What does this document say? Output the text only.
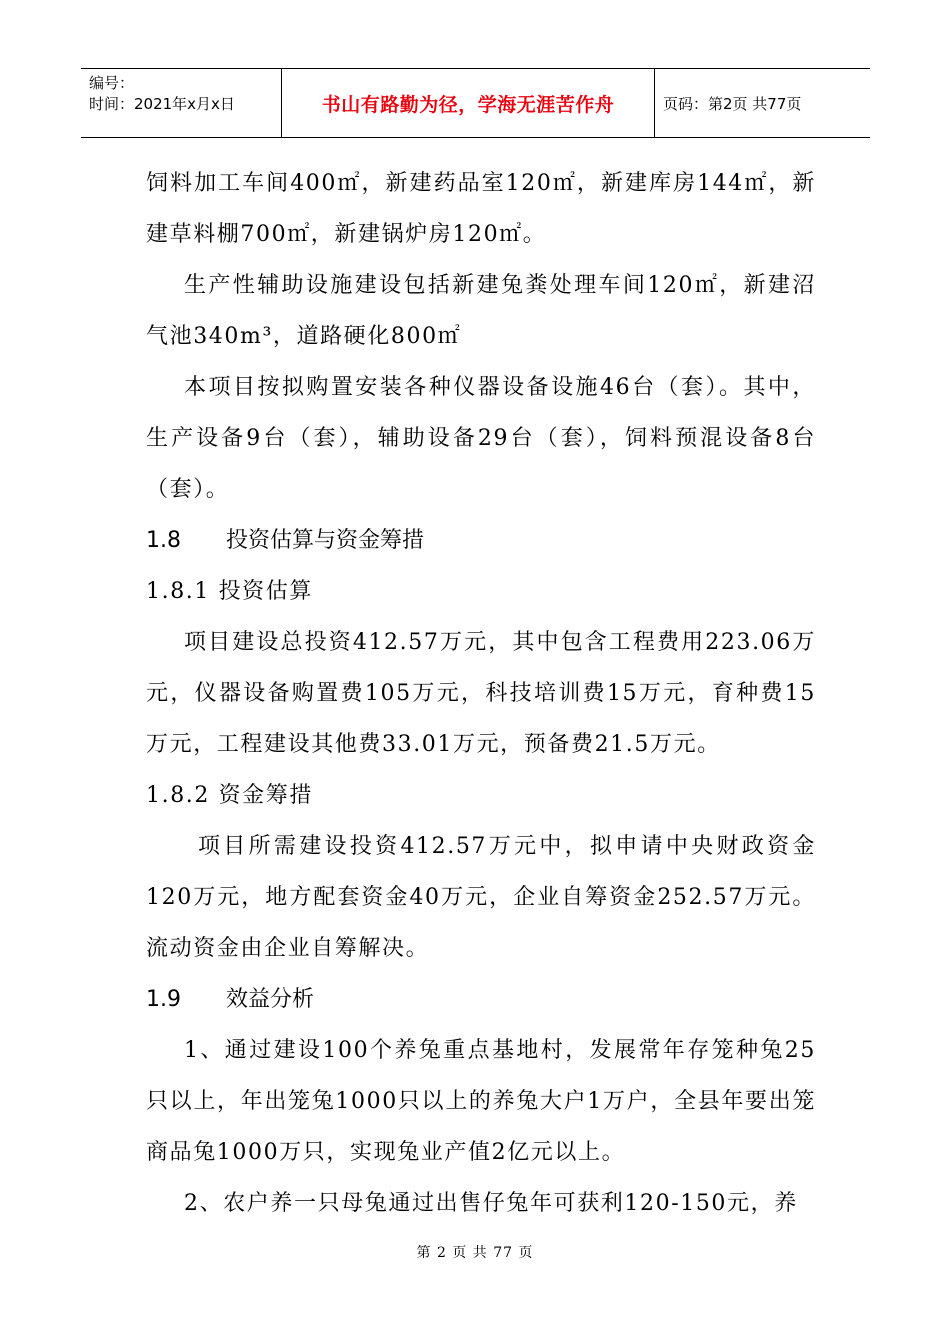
编号：
时间：2021年x月x日	书山有路勤为径，学海无涯苦作舟	页码：第2页 共77页

饲料加工车间400㎡，新建药品室120㎡，新建库房144㎡，新建草料棚700㎡，新建锅炉房120㎡。

生产性辅助设施建设包括新建兔粪处理车间120㎡，新建沼气池340m³，道路硬化800㎡

本项目按拟购置安装各种仪器设备设施46台（套）。其中，生产设备9台（套），辅助设备29台（套），饲料预混设备8台（套）。

1.8	投资估算与资金筹措
1.8.1 投资估算

项目建设总投资412.57万元，其中包含工程费用223.06万元，仪器设备购置费105万元，科技培训费15万元，育种费15万元，工程建设其他费33.01万元，预备费21.5万元。

1.8.2 资金筹措

项目所需建设投资412.57万元中，拟申请中央财政资金120万元，地方配套资金40万元，企业自筹资金252.57万元。流动资金由企业自筹解决。

1.9	效益分析

1、通过建设100个养兔重点基地村，发展常年存笼种兔25只以上，年出笼兔1000只以上的养兔大户1万户，全县年要出笼商品兔1000万只，实现兔业产值2亿元以上。

2、农户养一只母兔通过出售仔兔年可获利120-150元，养

第 2 页 共 77 页
